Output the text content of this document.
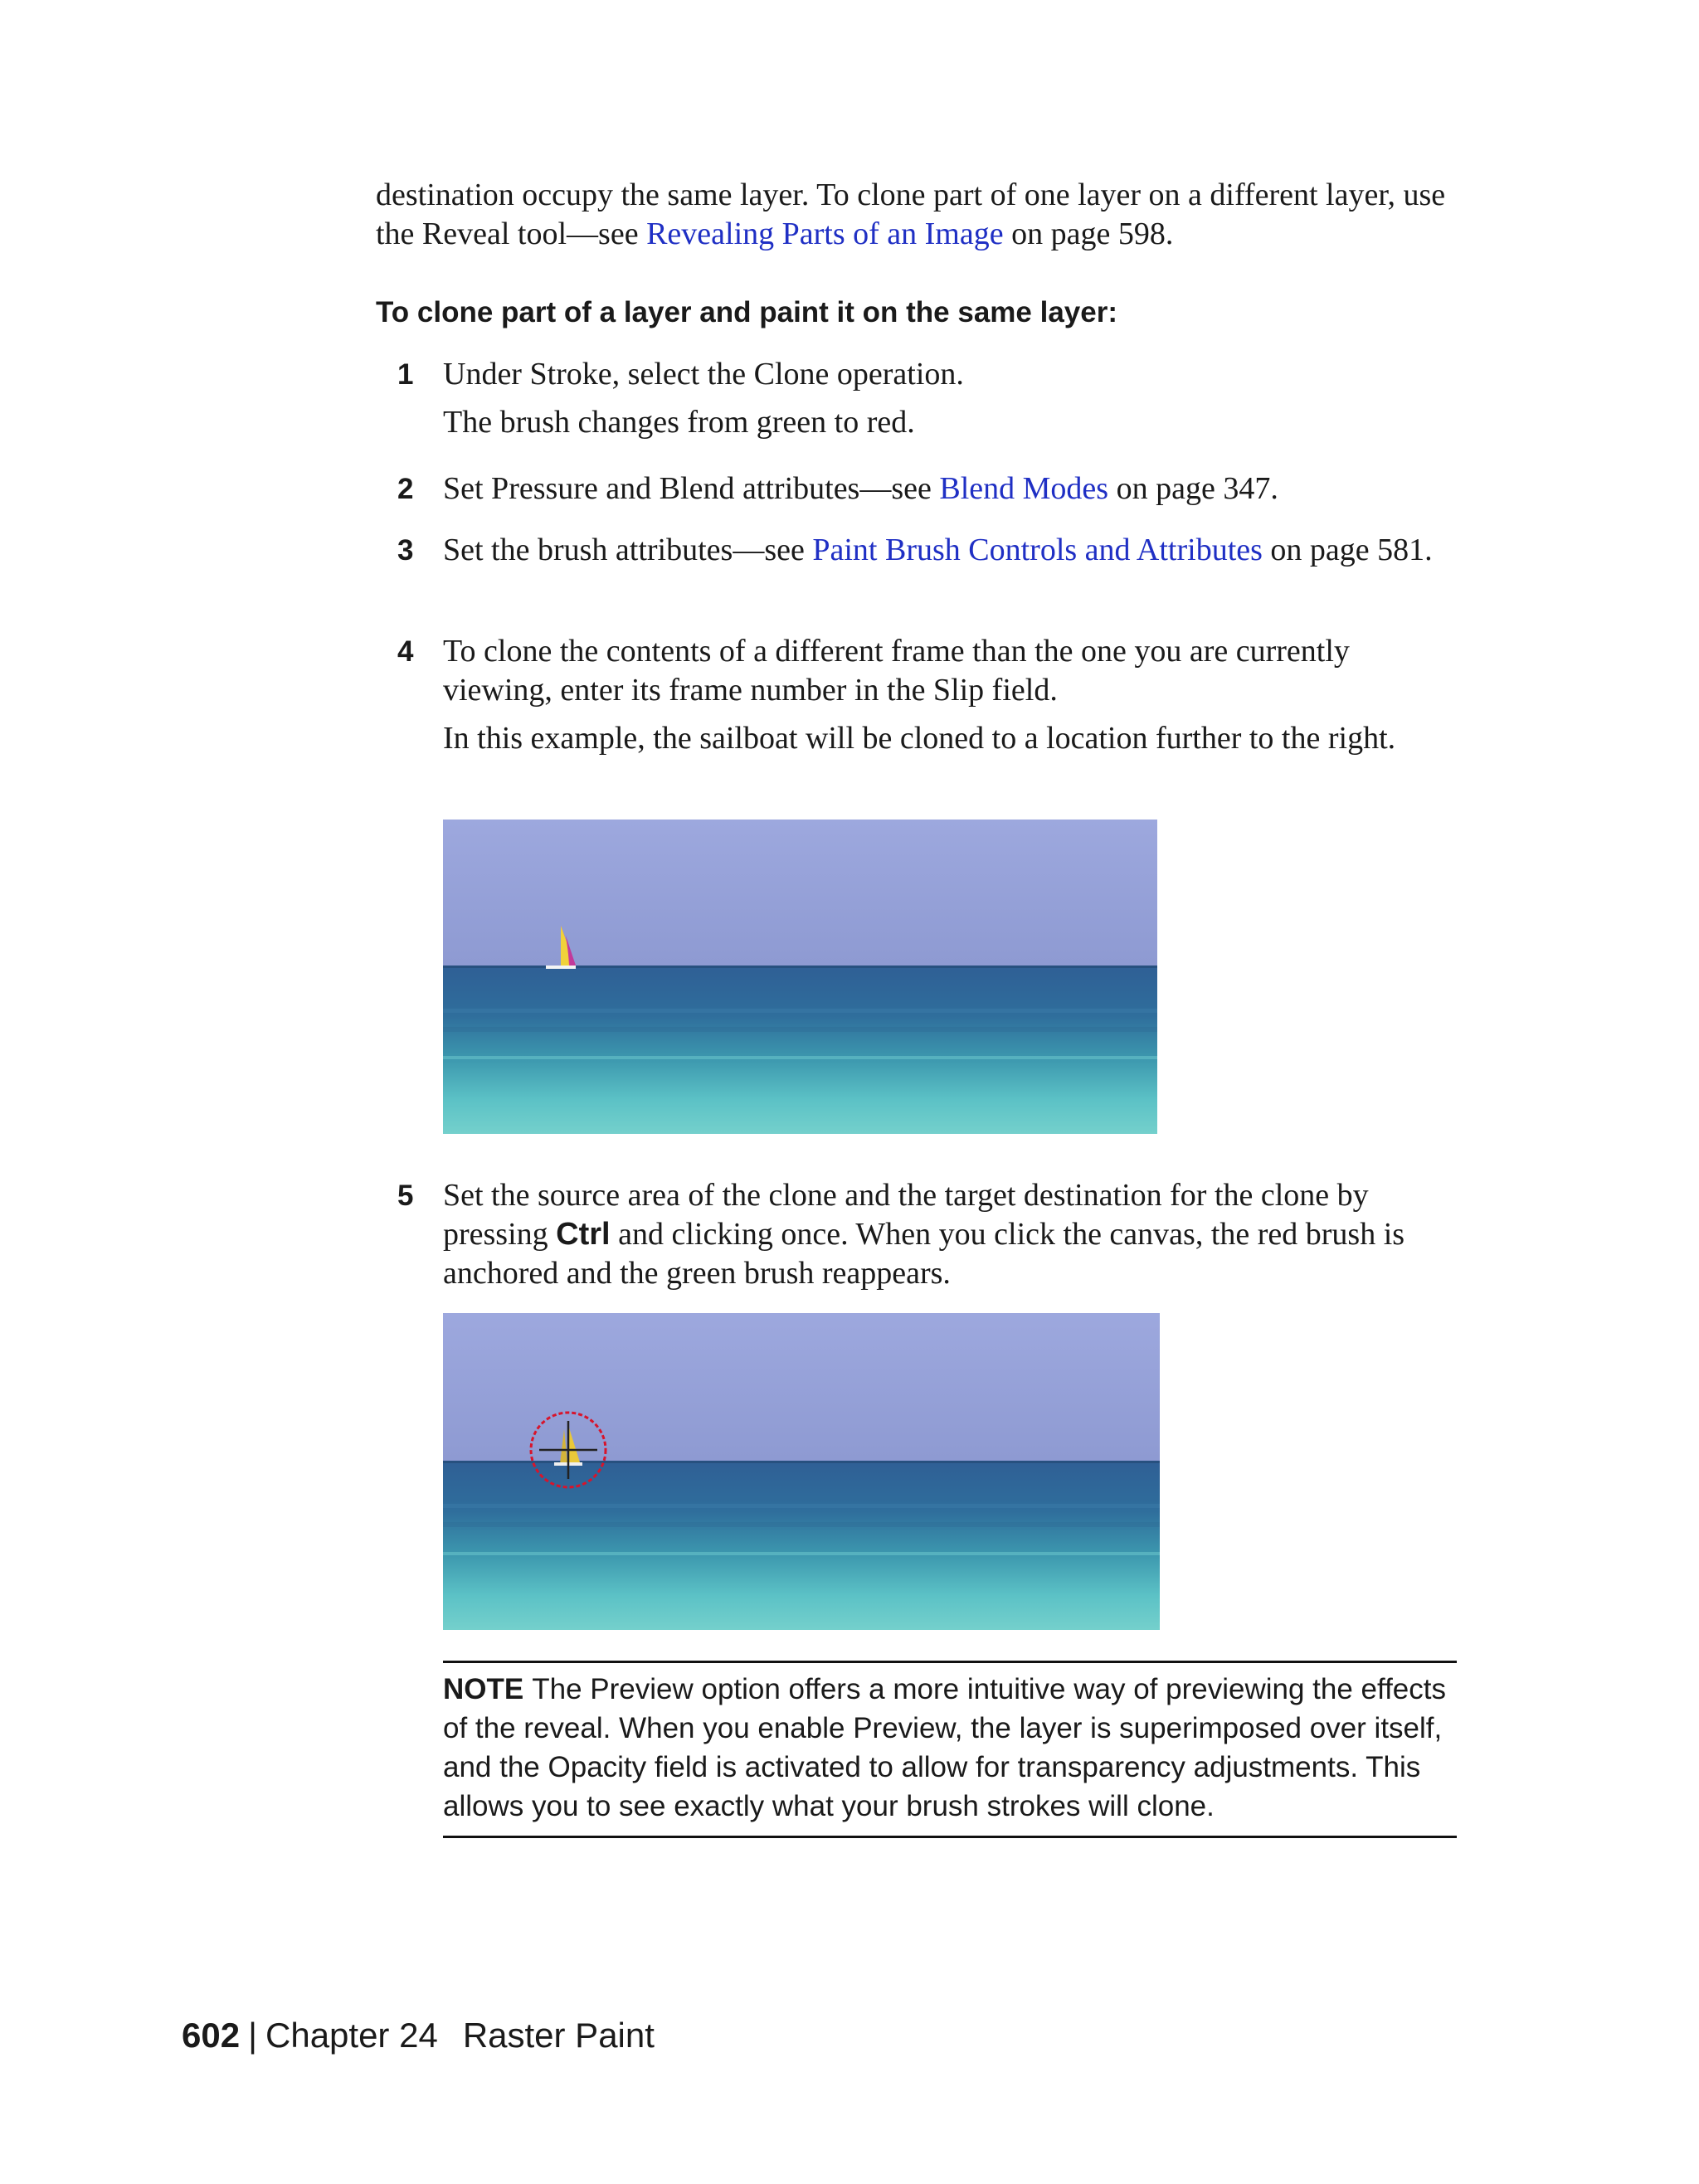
destination occupy the same layer. To clone part of one layer on a different layer, use the Reveal tool—see Revealing Parts of an Image on page 598.

To clone part of a layer and paint it on the same layer:
1 Under Stroke, select the Clone operation.

The brush changes from green to red.

2 Set Pressure and Blend attributes—see Blend Modes on page 347.

3 Set the brush attributes—see Paint Brush Controls and Attributes on page 581.

4 To clone the contents of a different frame than the one you are currently viewing, enter its frame number in the Slip field.

In this example, the sailboat will be cloned to a location further to the right.

5 Set the source area of the clone and the target destination for the clone by pressing Ctrl and clicking once. When you click the canvas, the red brush is anchored and the green brush reappears.

NOTE The Preview option offers a more intuitive way of previewing the effects of the reveal. When you enable Preview, the layer is superimposed over itself, and the Opacity field is activated to allow for transparency adjustments. This allows you to see exactly what your brush strokes will clone.
602 | Chapter 24 Raster Paint
